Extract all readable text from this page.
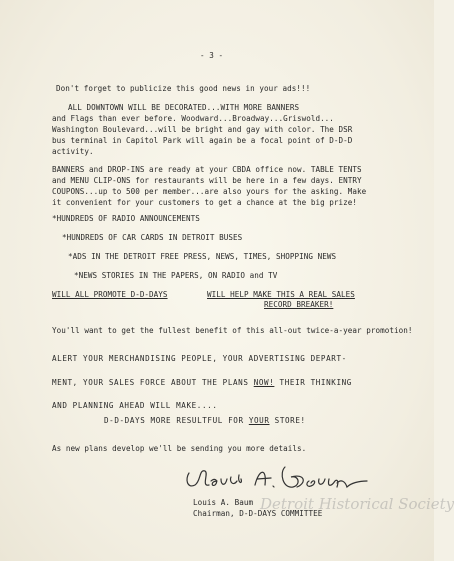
- 3 -
Don't forget to publicize this good news in your ads!!!
ALL DOWNTOWN WILL BE DECORATED...WITH MORE BANNERS
and Flags than ever before. Woodward...Broadway...Griswold...
Washington Boulevard...will be bright and gay with color. The DSR
bus terminal in Capitol Park will again be a focal point of D-D-D
activity.
BANNERS and DROP-INS are ready at your CBDA office now. TABLE TENTS
and MENU CLIP-ONS for restaurants will be here in a few days. ENTRY
COUPONS...up to 500 per member...are also yours for the asking. Make
it convenient for your customers to get a chance at the big prize!
*HUNDREDS OF RADIO ANNOUNCEMENTS
*HUNDREDS OF CAR CARDS IN DETROIT BUSES
*ADS IN THE DETROIT FREE PRESS, NEWS, TIMES, SHOPPING NEWS
*NEWS STORIES IN THE PAPERS, ON RADIO and TV
WILL ALL PROMOTE D-D-DAYS	WILL HELP MAKE THIS A REAL SALES
RECORD BREAKER!
You'll want to get the fullest benefit of this all-out twice-a-year promotion!
ALERT YOUR MERCHANDISING PEOPLE, YOUR ADVERTISING DEPART-
MENT, YOUR SALES FORCE ABOUT THE PLANS NOW! THEIR THINKING
AND PLANNING AHEAD WILL MAKE....
D-D-DAYS MORE RESULTFUL FOR YOUR STORE!
As new plans develop we'll be sending you more details.
Louis A. Baum
Chairman, D-D-DAYS COMMITTEE
Detroit Historical Society
